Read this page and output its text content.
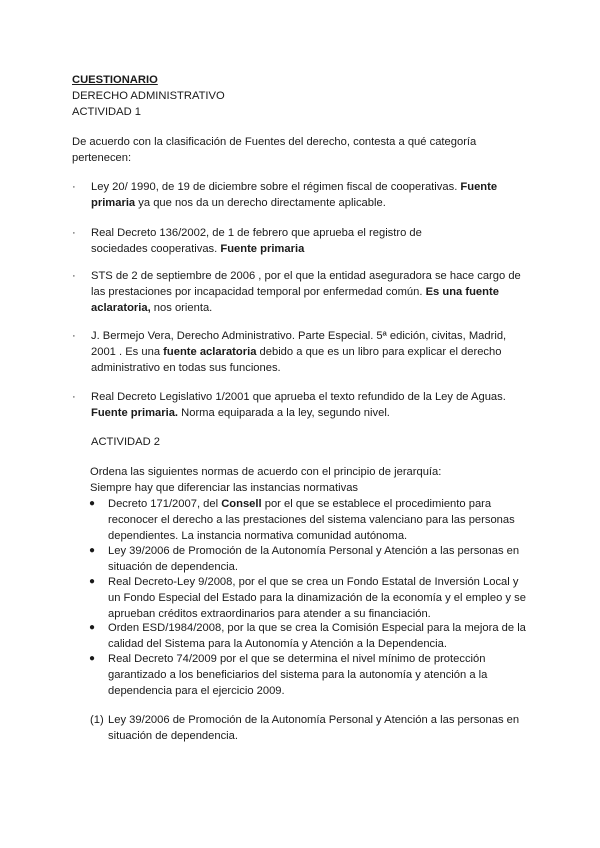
CUESTIONARIO

DERECHO ADMINISTRATIVO

ACTIVIDAD 1

De acuerdo con la clasificación de Fuentes del derecho, contesta a qué categoría pertenecen:

·	Ley 20/ 1990, de 19 de diciembre sobre el régimen fiscal de cooperativas. Fuente primaria ya que nos da un derecho directamente aplicable.

·	Real Decreto 136/2002, de 1 de febrero que aprueba el registro de sociedades cooperativas. Fuente primaria

·	STS de 2 de septiembre de 2006 , por el que la entidad aseguradora se hace cargo de las prestaciones por incapacidad temporal por enfermedad común. Es una fuente aclaratoria, nos orienta.

·	J. Bermejo Vera, Derecho Administrativo. Parte Especial. 5ª edición, civitas, Madrid, 2001 . Es una fuente aclaratoria debido a que es un libro para explicar el derecho administrativo en todas sus funciones.

·	Real Decreto Legislativo 1/2001 que aprueba el texto refundido de la Ley de Aguas. Fuente primaria. Norma equiparada a la ley, segundo nivel.

ACTIVIDAD 2

Ordena las siguientes normas de acuerdo con el principio de jerarquía:

Siempre hay que diferenciar las instancias normativas

● Decreto 171/2007, del Consell por el que se establece el procedimiento para reconocer el derecho a las prestaciones del sistema valenciano para las personas dependientes. La instancia normativa comunidad autónoma.

● Ley 39/2006 de Promoción de la Autonomía Personal y Atención a las personas en situación de dependencia.

● Real Decreto-Ley 9/2008, por el que se crea un Fondo Estatal de Inversión Local y un Fondo Especial del Estado para la dinamización de la economía y el empleo y se aprueban créditos extraordinarios para atender a su financiación.

● Orden ESD/1984/2008, por la que se crea la Comisión Especial para la mejora de la calidad del Sistema para la Autonomía y Atención a la Dependencia.

● Real Decreto 74/2009 por el que se determina el nivel mínimo de protección garantizado a los beneficiarios del sistema para la autonomía y atención a la dependencia para el ejercicio 2009.

(1) Ley 39/2006 de Promoción de la Autonomía Personal y Atención a las personas en situación de dependencia.
